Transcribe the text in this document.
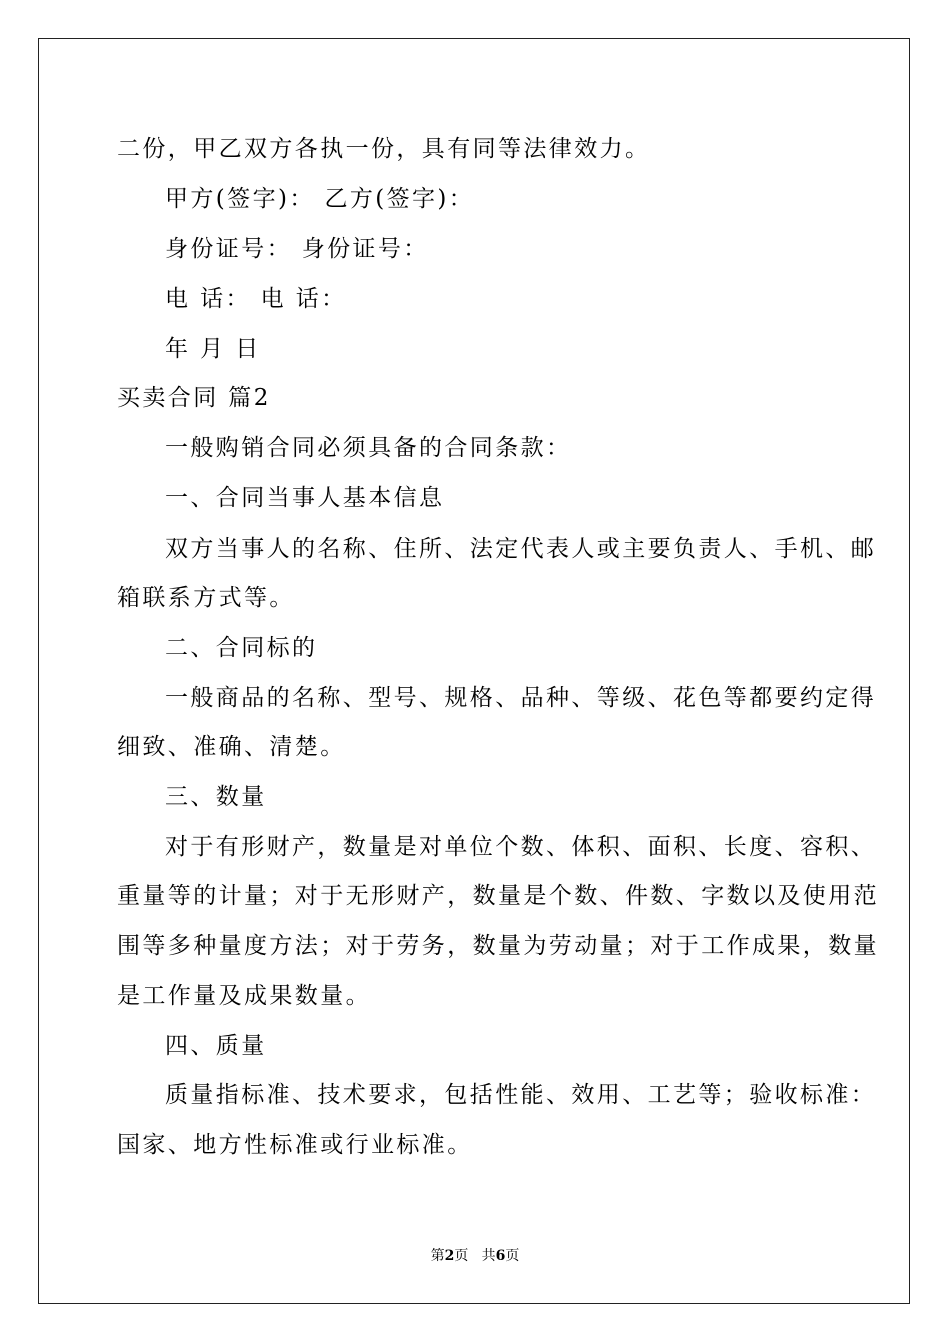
二份，甲乙双方各执一份，具有同等法律效力。
甲方(签字)： 乙方(签字)：
身份证号： 身份证号：
电 话： 电 话：
年 月 日
买卖合同 篇2
一般购销合同必须具备的合同条款：
一、合同当事人基本信息
双方当事人的名称、住所、法定代表人或主要负责人、手机、邮
箱联系方式等。
二、合同标的
一般商品的名称、型号、规格、品种、等级、花色等都要约定得
细致、准确、清楚。
三、数量
对于有形财产，数量是对单位个数、体积、面积、长度、容积、
重量等的计量；对于无形财产，数量是个数、件数、字数以及使用范
围等多种量度方法；对于劳务，数量为劳动量；对于工作成果，数量
是工作量及成果数量。
四、质量
质量指标准、技术要求，包括性能、效用、工艺等；验收标准：
国家、地方性标准或行业标准。
第2页 共6页
